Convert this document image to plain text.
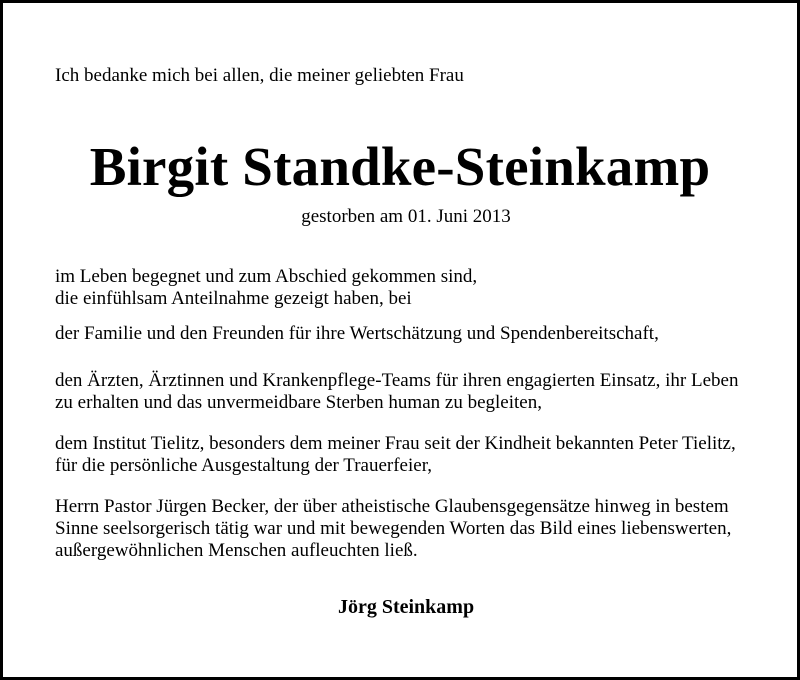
Ich bedanke mich bei allen, die meiner geliebten Frau

Birgit Standke-Steinkamp

gestorben am 01. Juni 2013

im Leben begegnet und zum Abschied gekommen sind,

die einfühlsam Anteilnahme gezeigt haben, bei

der Familie und den Freunden für ihre Wertschätzung und Spendenbereitschaft,

den Ärzten, Ärztinnen und Krankenpflege-Teams für ihren engagierten Einsatz, ihr Leben

zu erhalten und das unvermeidbare Sterben human zu begleiten,

dem Institut Tielitz, besonders dem meiner Frau seit der Kindheit bekannten Peter Tielitz,

für die persönliche Ausgestaltung der Trauerfeier,

Herrn Pastor Jürgen Becker, der über atheistische Glaubensgegensätze hinweg in bestem

Sinne seelsorgerisch tätig war und mit bewegenden Worten das Bild eines liebenswerten,

außergewöhnlichen Menschen aufleuchten ließ.

Jörg Steinkamp
